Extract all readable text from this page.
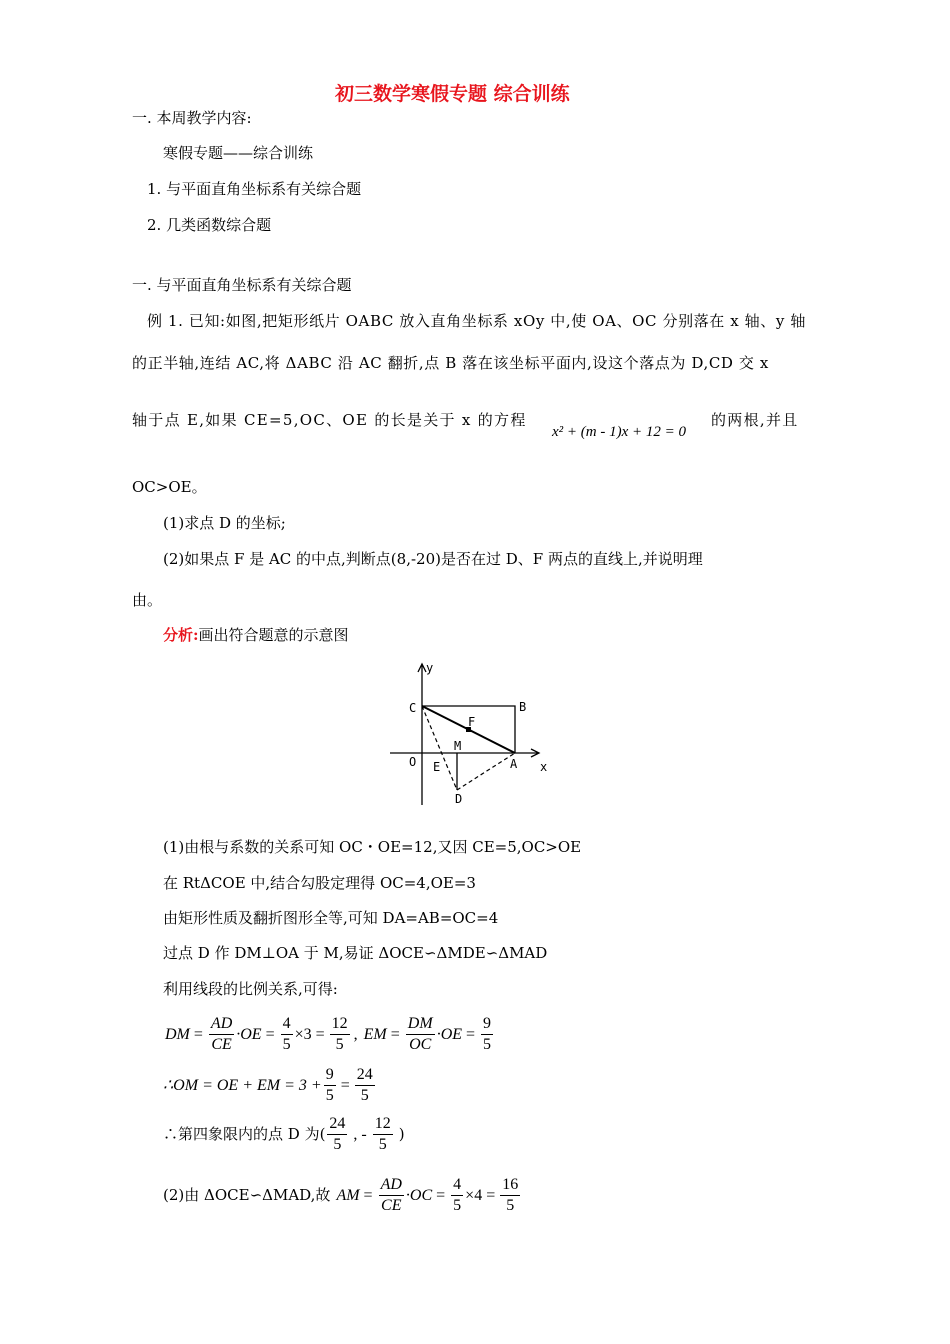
初三数学寒假专题 综合训练
一. 本周教学内容:
寒假专题——综合训练
1. 与平面直角坐标系有关综合题
2. 几类函数综合题
一. 与平面直角坐标系有关综合题
例 1. 已知:如图,把矩形纸片 OABC 放入直角坐标系 xOy 中,使 OA、OC 分别落在 x 轴、y 轴
的正半轴,连结 AC,将 ΔABC 沿 AC 翻折,点 B 落在该坐标平面内,设这个落点为 D,CD 交 x
轴于点 E,如果 CE=5,OC、OE 的长是关于 x 的方程
x² + (m - 1)x + 12 = 0
的两根,并且
OC>OE。
(1)求点 D 的坐标;
(2)如果点 F 是 AC 的中点,判断点(8,-20)是否在过 D、F 两点的直线上,并说明理
由。
分析:画出符合题意的示意图
y
C	B
F
M
O E	A x
D
(1)由根与系数的关系可知 OC・OE=12,又因 CE=5,OC>OE
在 RtΔCOE 中,结合勾股定理得 OC=4,OE=3
由矩形性质及翻折图形全等,可知 DA=AB=OC=4
过点 D 作 DM⊥OA 于 M,易证 ΔOCE∽ΔMDE∽ΔMAD
利用线段的比例关系,可得:
DM = $\frac{AD}{CE} \cdot OE = \frac{4}{5} \times 3 = \frac{12}{5}$ , EM = $\frac{DM}{OC} \cdot OE = \frac{9}{5}$
∴OM = OE + EM = $3 + \frac{9}{5} = \frac{24}{5}$
∴第四象限内的点 D 为( $\frac{24}{5}$ , - $\frac{12}{5}$ )
(2)由 ΔOCE∽ΔMAD,故 AM = $\frac{AD}{CE} \cdot OC = \frac{4}{5} \times 4 = \frac{16}{5}$
